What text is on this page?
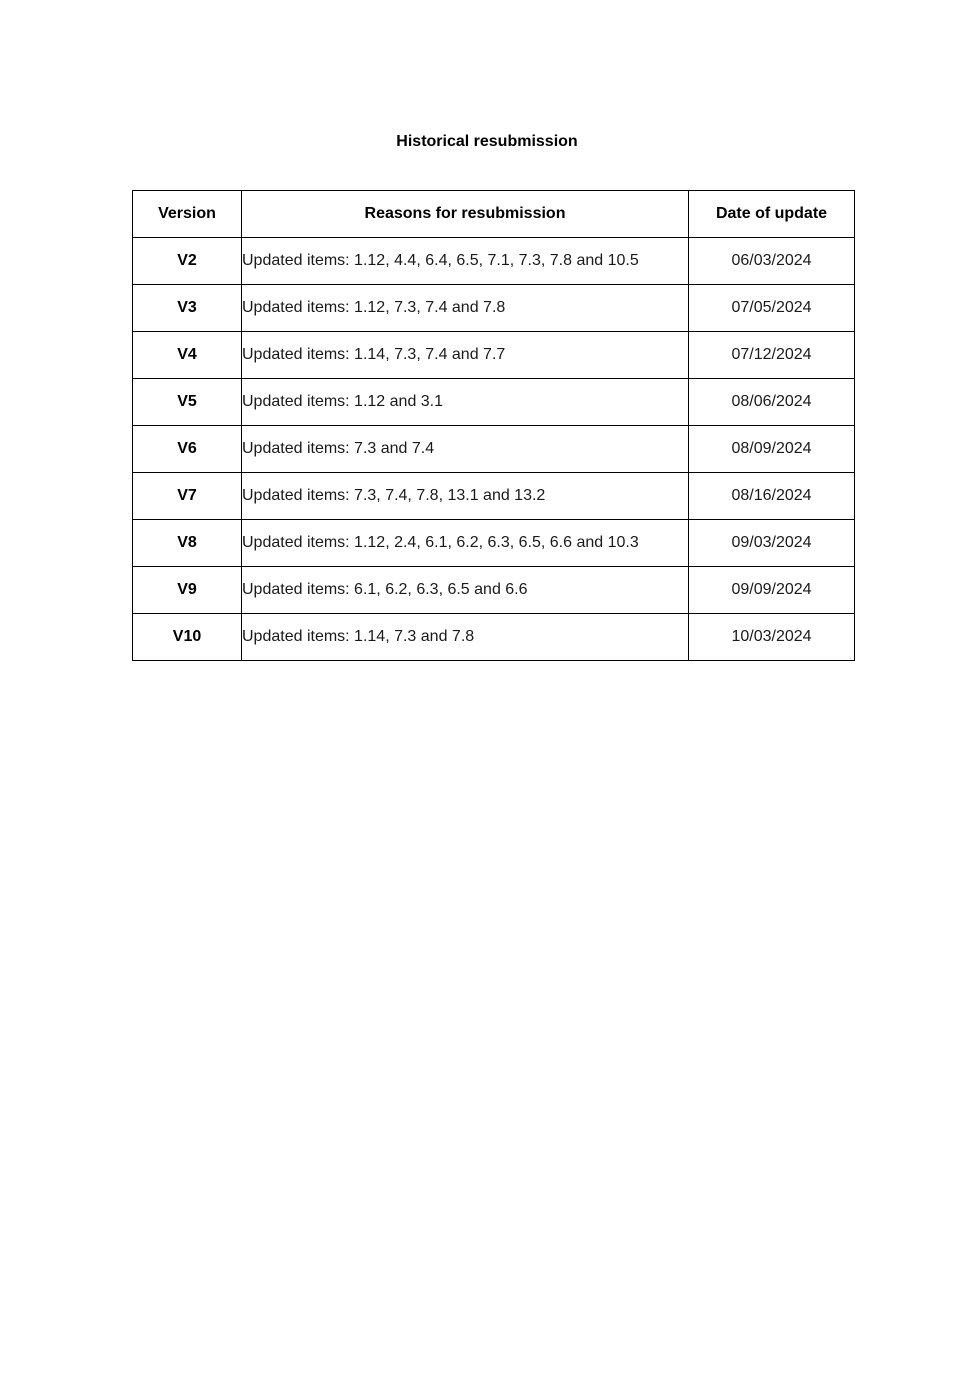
Historical resubmission
Version	Reasons for resubmission	Date of update
V2	Updated items: 1.12, 4.4, 6.4, 6.5, 7.1, 7.3, 7.8 and 10.5	06/03/2024
V3	Updated items: 1.12, 7.3, 7.4 and 7.8	07/05/2024
V4	Updated items: 1.14, 7.3, 7.4 and 7.7	07/12/2024
V5	Updated items: 1.12 and 3.1	08/06/2024
V6	Updated items: 7.3 and 7.4	08/09/2024
V7	Updated items: 7.3, 7.4, 7.8, 13.1 and 13.2	08/16/2024
V8	Updated items: 1.12, 2.4, 6.1, 6.2, 6.3, 6.5, 6.6 and 10.3	09/03/2024
V9	Updated items: 6.1, 6.2, 6.3, 6.5 and 6.6	09/09/2024
V10	Updated items: 1.14, 7.3 and 7.8	10/03/2024
